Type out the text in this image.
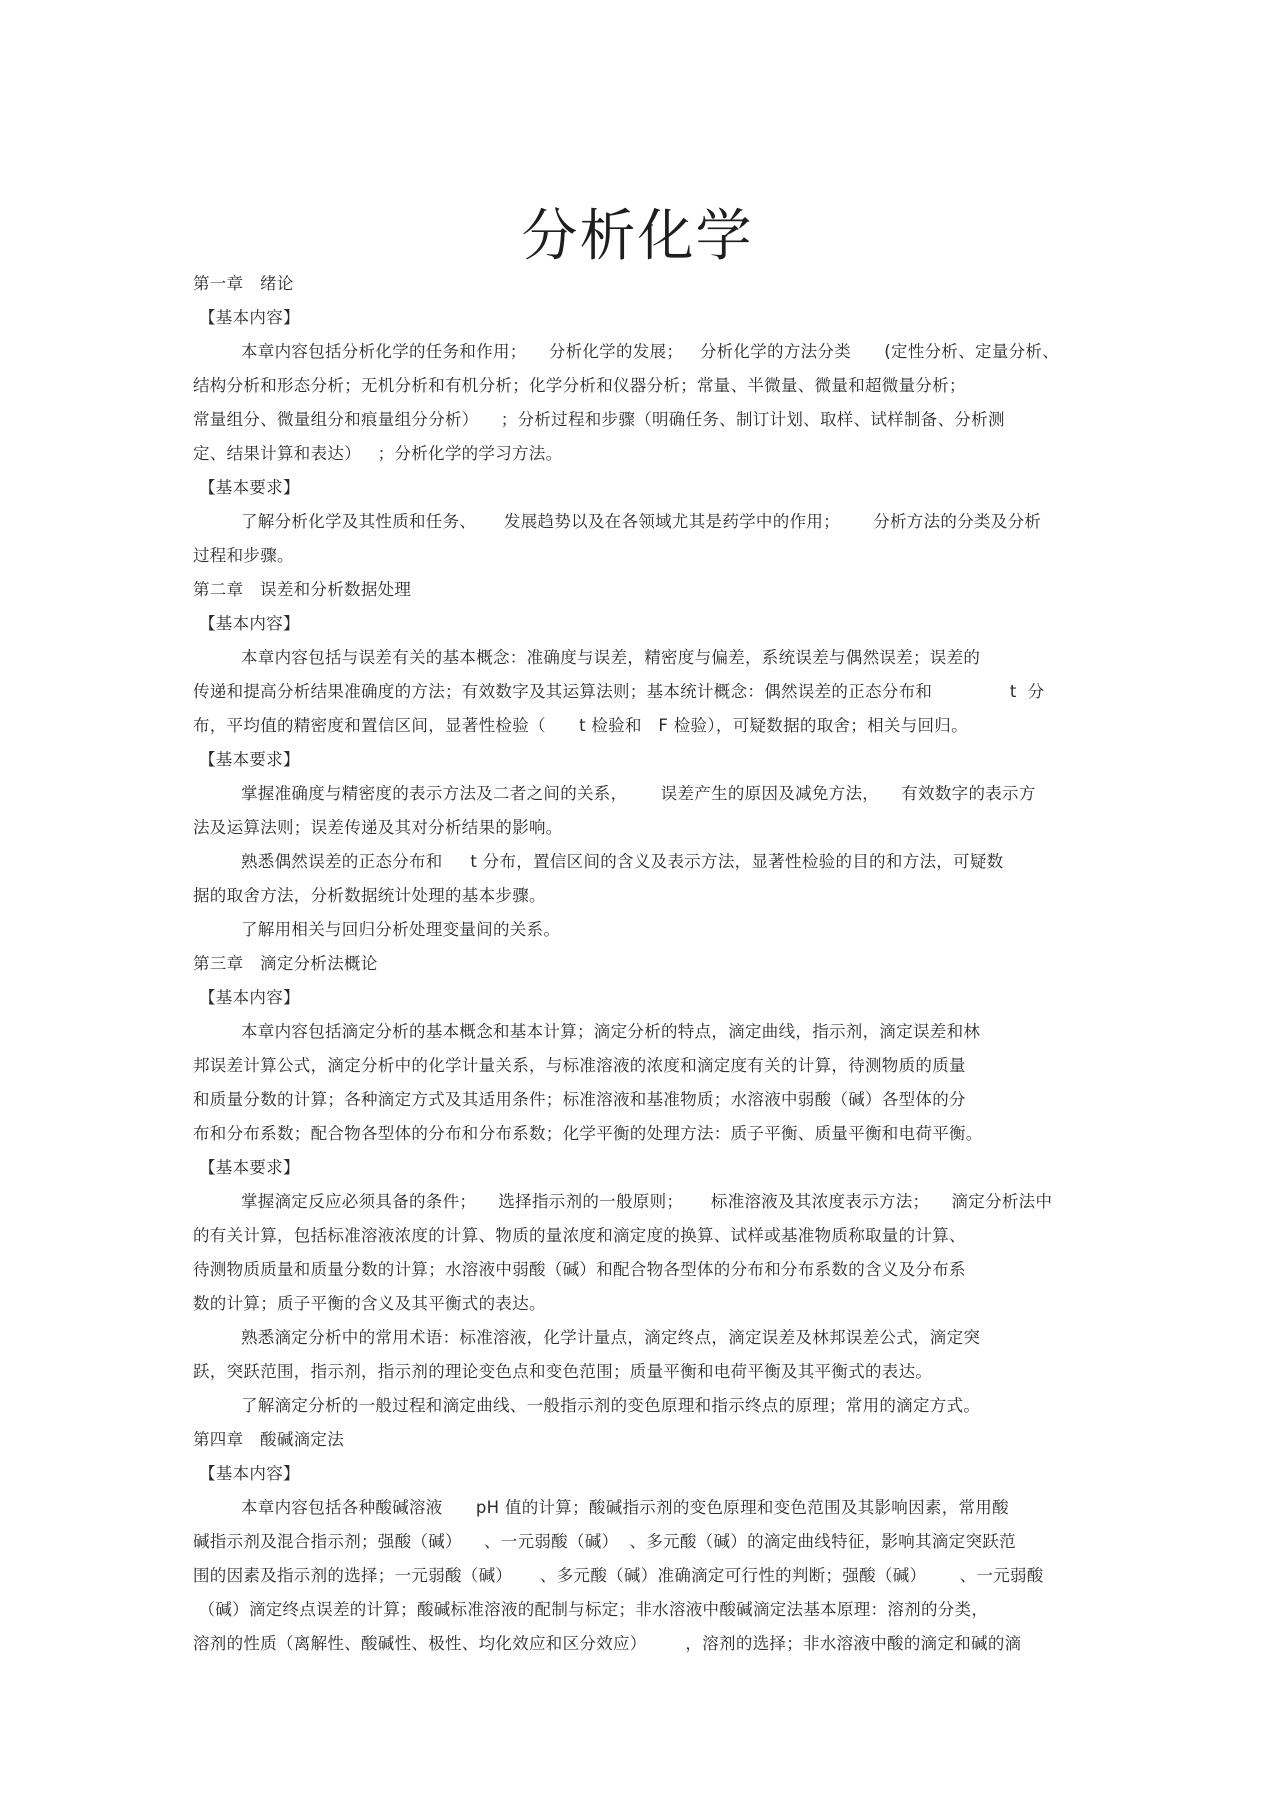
分析化学
第一章   绪论
【基本内容】
本章内容包括分析化学的任务和作用；    分析化学的发展；   分析化学的方法分类      (定性分析、定量分析、
结构分析和形态分析；无机分析和有机分析；化学分析和仪器分析；常量、半微量、微量和超微量分析；
常量组分、微量组分和痕量组分分析）    ；分析过程和步骤（明确任务、制订计划、取样、试样制备、分析测
定、结果计算和表达）   ；分析化学的学习方法。
【基本要求】
了解分析化学及其性质和任务、     发展趋势以及在各领域尤其是药学中的作用；      分析方法的分类及分析
过程和步骤。
第二章   误差和分析数据处理
【基本内容】
本章内容包括与误差有关的基本概念：准确度与误差，精密度与偏差，系统误差与偶然误差；误差的
传递和提高分析结果准确度的方法；有效数字及其运算法则；基本统计概念：偶然误差的正态分布和              t  分
布，平均值的精密度和置信区间，显著性检验（      t 检验和   F 检验），可疑数据的取舍；相关与回归。
【基本要求】
掌握准确度与精密度的表示方法及二者之间的关系，      误差产生的原因及减免方法，    有效数字的表示方
法及运算法则；误差传递及其对分析结果的影响。
熟悉偶然误差的正态分布和     t 分布，置信区间的含义及表示方法，显著性检验的目的和方法，可疑数
据的取舍方法，分析数据统计处理的基本步骤。
了解用相关与回归分析处理变量间的关系。
第三章   滴定分析法概论
【基本内容】
本章内容包括滴定分析的基本概念和基本计算；滴定分析的特点，滴定曲线，指示剂，滴定误差和林
邦误差计算公式，滴定分析中的化学计量关系，与标准溶液的浓度和滴定度有关的计算，待测物质的质量
和质量分数的计算；各种滴定方式及其适用条件；标准溶液和基准物质；水溶液中弱酸（碱）各型体的分
布和分布系数；配合物各型体的分布和分布系数；化学平衡的处理方法：质子平衡、质量平衡和电荷平衡。
【基本要求】
掌握滴定反应必须具备的条件；    选择指示剂的一般原则；     标准溶液及其浓度表示方法；    滴定分析法中
的有关计算，包括标准溶液浓度的计算、物质的量浓度和滴定度的换算、试样或基准物质称取量的计算、
待测物质质量和质量分数的计算；水溶液中弱酸（碱）和配合物各型体的分布和分布系数的含义及分布系
数的计算；质子平衡的含义及其平衡式的表达。
熟悉滴定分析中的常用术语：标准溶液，化学计量点，滴定终点，滴定误差及林邦误差公式，滴定突
跃，突跃范围，指示剂，指示剂的理论变色点和变色范围；质量平衡和电荷平衡及其平衡式的表达。
了解滴定分析的一般过程和滴定曲线、一般指示剂的变色原理和指示终点的原理；常用的滴定方式。
第四章   酸碱滴定法
【基本内容】
本章内容包括各种酸碱溶液      pH 值的计算；酸碱指示剂的变色原理和变色范围及其影响因素，常用酸
碱指示剂及混合指示剂；强酸（碱）    、一元弱酸（碱）  、多元酸（碱）的滴定曲线特征，影响其滴定突跃范
围的因素及指示剂的选择；一元弱酸（碱）     、多元酸（碱）准确滴定可行性的判断；强酸（碱）      、一元弱酸
（碱）滴定终点误差的计算；酸碱标准溶液的配制与标定；非水溶液中酸碱滴定法基本原理：溶剂的分类，
溶剂的性质（离解性、酸碱性、极性、均化效应和区分效应）       ，溶剂的选择；非水溶液中酸的滴定和碱的滴
